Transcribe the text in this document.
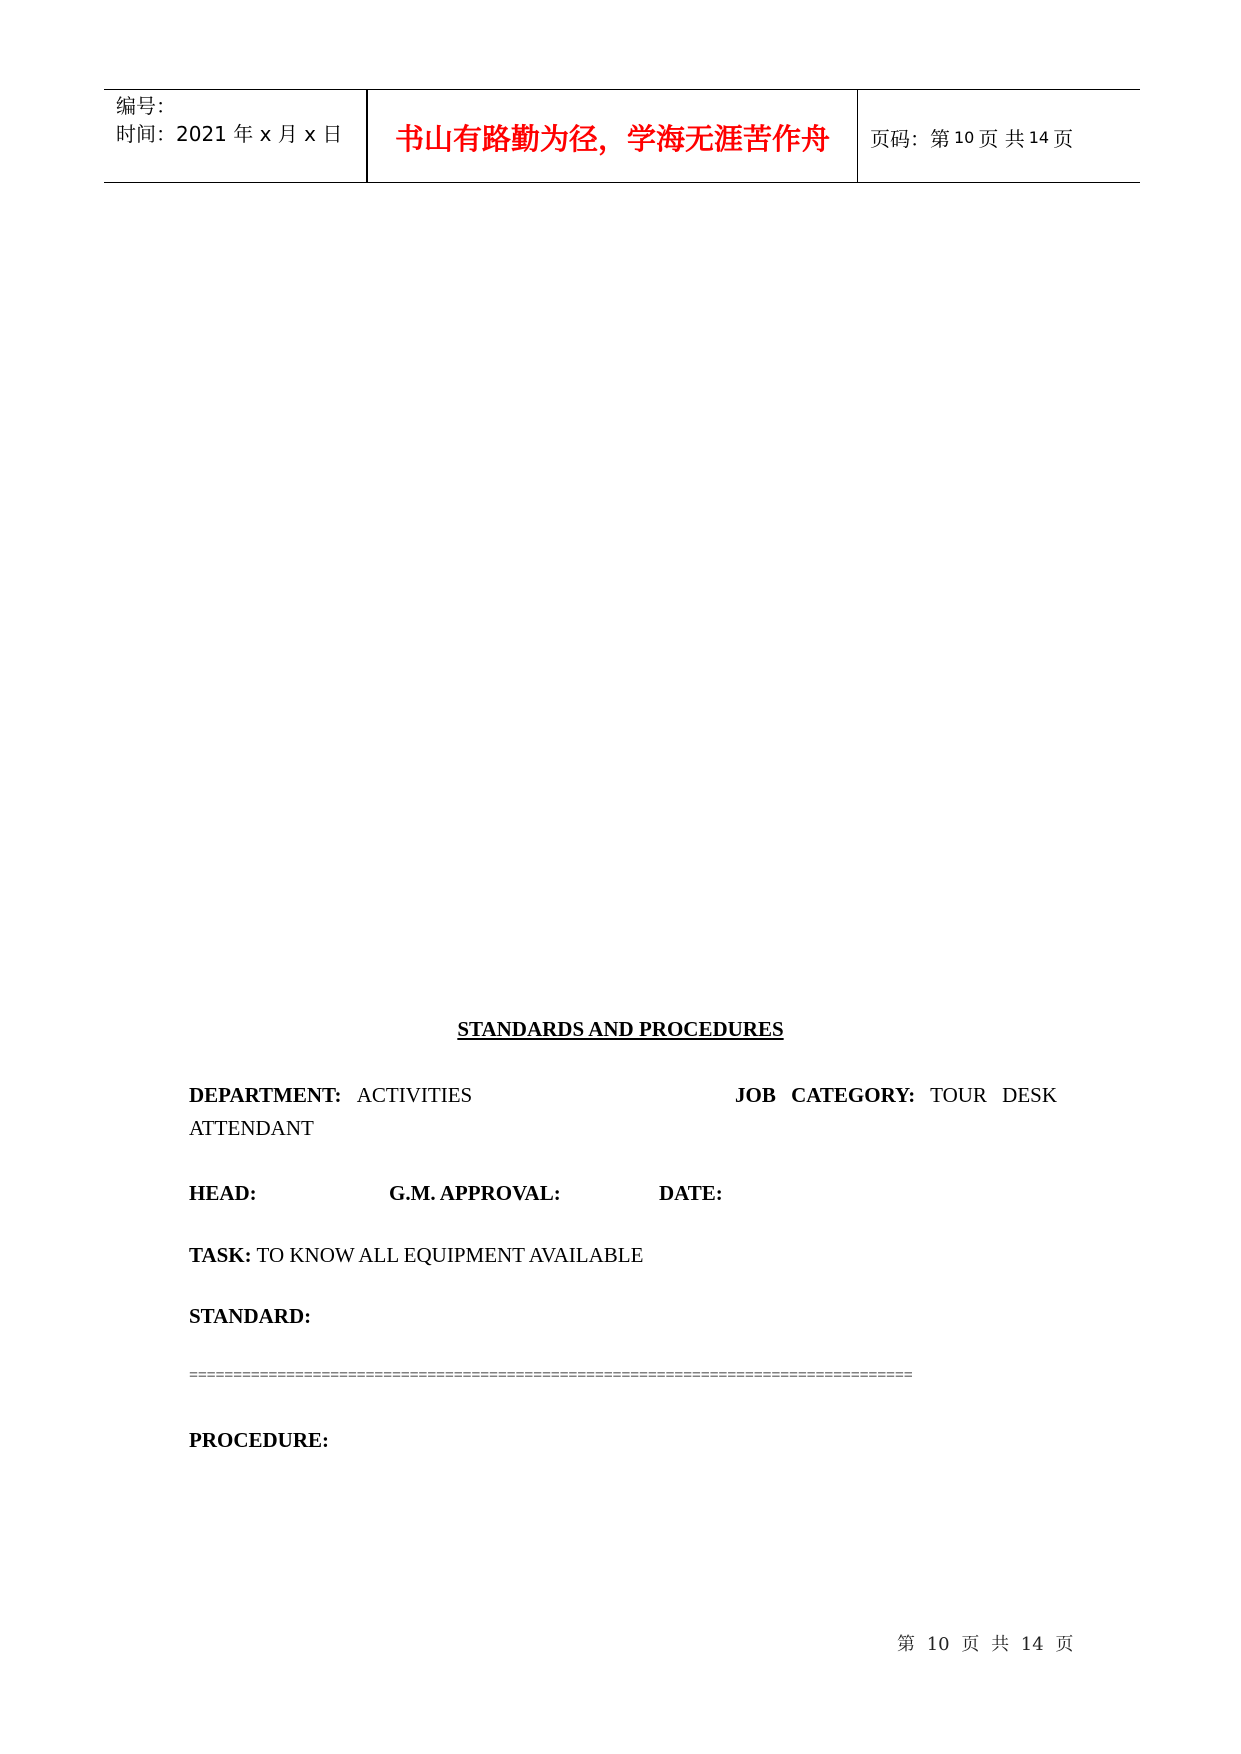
编号：
时间：2021 年 x 月 x 日	书山有路勤为径，学海无涯苦作舟 页码：第 10 页 共 14 页
STANDARDS AND PROCEDURES
DEPARTMENT: ACTIVITIES	JOB CATEGORY: TOUR DESK
ATTENDANT
HEAD:	G.M. APPROVAL:	DATE:
TASK: TO KNOW ALL EQUIPMENT AVAILABLE
STANDARD:
==================================================================================
PROCEDURE:
第 10 页 共 14 页
